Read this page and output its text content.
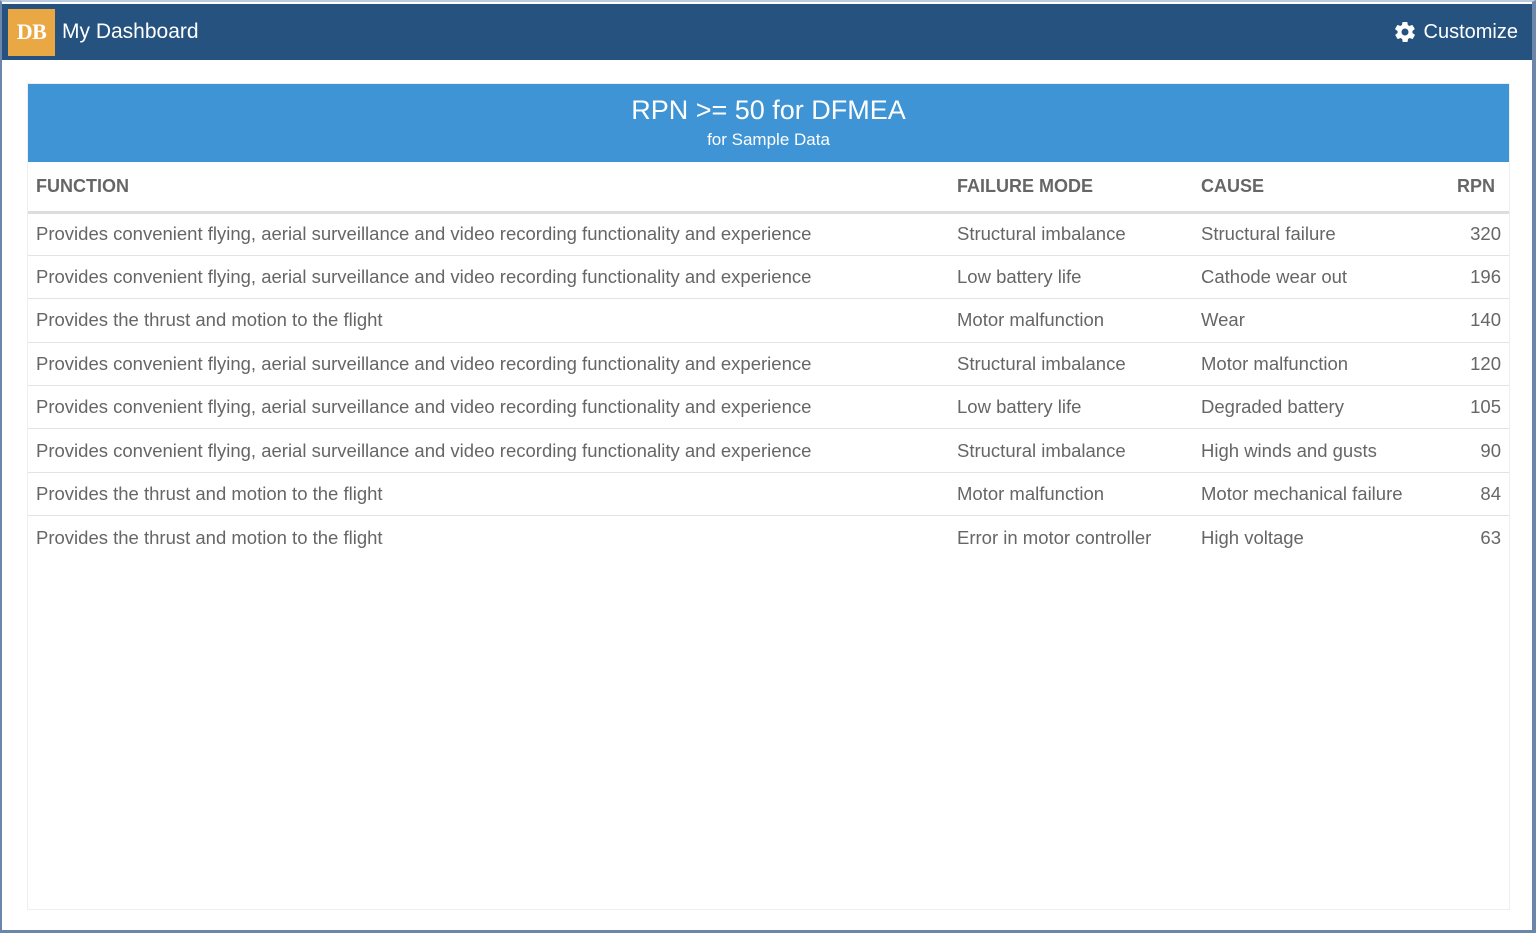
DB My Dashboard	Customize
RPN >= 50 for DFMEA
for Sample Data
FUNCTION	FAILURE MODE	CAUSE	RPN
Provides convenient flying, aerial surveillance and video recording functionality and experience	Structural imbalance	Structural failure	320
Provides convenient flying, aerial surveillance and video recording functionality and experience	Low battery life	Cathode wear out	196
Provides the thrust and motion to the flight	Motor malfunction	Wear	140
Provides convenient flying, aerial surveillance and video recording functionality and experience	Structural imbalance	Motor malfunction	120
Provides convenient flying, aerial surveillance and video recording functionality and experience	Low battery life	Degraded battery	105
Provides convenient flying, aerial surveillance and video recording functionality and experience	Structural imbalance	High winds and gusts	90
Provides the thrust and motion to the flight	Motor malfunction	Motor mechanical failure	84
Provides the thrust and motion to the flight	Error in motor controller	High voltage	63
